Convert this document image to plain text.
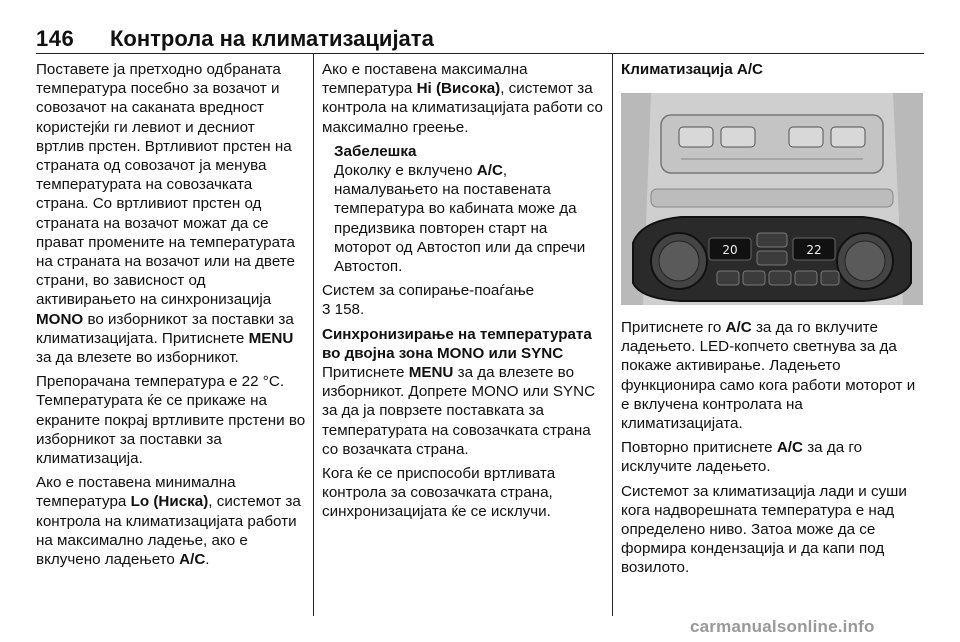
146 Контрола на климатизацијата

Поставете ја претходно одбраната температура посебно за возачот и совозачот на саканата вредност користејќи ги левиот и десниот вртлив прстен. Вртливиот прстен на страната од совозачот ја менува температурата на совозачката страна. Со вртливиот прстен од страната на возачот можат да се прават промените на температурата на страната на возачот или на двете страни, во зависност од активирањето на синхронизација MONO во изборникот за поставки за климатизацијата. Притиснете MENU за да влезете во изборникот.

Препорачана температура е 22 °C. Температурата ќе се прикаже на екраните покрај вртливите прстени во изборникот за поставки за климатизација.

Ако е поставена минимална температура Lo (Ниска), системот за контрола на климатизацијата работи на максимално ладење, ако е вклучено ладењето A/C.

Ако е поставена максимална температура Hi (Висока), системот за контрола на климатизацијата работи со максимално греење.

Забелешка
Доколку е вклучено A/C, намалувањето на поставената температура во кабината може да предизвика повторен старт на моторот од Автостоп или да спречи Автостоп.

Систем за сопирање-поаѓање
3 158.

Синхронизирање на температурата во двојна зона MONO или SYNC

Притиснете MENU за да влезете во изборникот. Допрете MONO или SYNC за да ја поврзете поставката за температурата на совозачката страна со возачката страна.

Кога ќе се приспособи вртливата контрола за совозачката страна, синхронизацијата ќе се исклучи.

Климатизација A/C

20	22

Притиснете го A/C за да го вклучите ладењето. LED-копчето светнува за да покаже активирање. Ладењето функционира само кога работи моторот и е вклучена контролата на климатизацијата.

Повторно притиснете A/C за да го исклучите ладењето.

Системот за климатизација лади и суши кога надворешната температура е над определено ниво. Затоа може да се формира кондензација и да капи под возилото.

carmanualsonline.info
